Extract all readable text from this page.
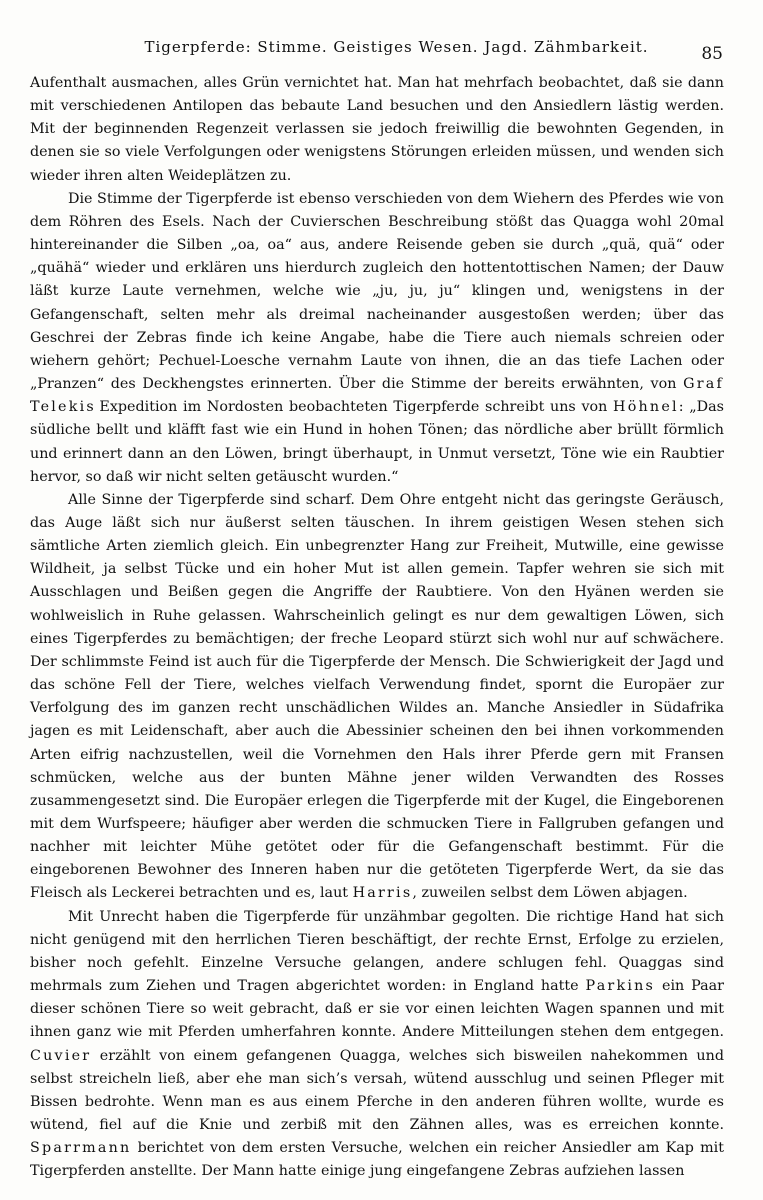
Tigerpferde: Stimme. Geistiges Wesen. Jagd. Zähmbarkeit.	85

Aufenthalt ausmachen, alles Grün vernichtet hat. Man hat mehrfach beobachtet, daß sie dann mit verschiedenen Antilopen das bebaute Land besuchen und den Ansiedlern lästig werden. Mit der beginnenden Regenzeit verlassen sie jedoch freiwillig die bewohnten Gegenden, in denen sie so viele Verfolgungen oder wenigstens Störungen erleiden müssen, und wenden sich wieder ihren alten Weideplätzen zu.

Die Stimme der Tigerpferde ist ebenso verschieden von dem Wiehern des Pferdes wie von dem Röhren des Esels. Nach der Cuvierschen Beschreibung stößt das Quagga wohl 20mal hintereinander die Silben „oa, oa“ aus, andere Reisende geben sie durch „quä, quä“ oder „quähä“ wieder und erklären uns hierdurch zugleich den hottentottischen Namen; der Dauw läßt kurze Laute vernehmen, welche wie „ju, ju, ju“ klingen und, wenigstens in der Gefangenschaft, selten mehr als dreimal nacheinander ausgestoßen werden; über das Geschrei der Zebras finde ich keine Angabe, habe die Tiere auch niemals schreien oder wiehern gehört; Pechuel-Loesche vernahm Laute von ihnen, die an das tiefe Lachen oder „Pranzen“ des Deckhengstes erinnerten. Über die Stimme der bereits erwähnten, von Graf Telekis Expedition im Nordosten beobachteten Tigerpferde schreibt uns von Höhnel: „Das südliche bellt und kläfft fast wie ein Hund in hohen Tönen; das nördliche aber brüllt förmlich und erinnert dann an den Löwen, bringt überhaupt, in Unmut versetzt, Töne wie ein Raubtier hervor, so daß wir nicht selten getäuscht wurden.“

Alle Sinne der Tigerpferde sind scharf. Dem Ohre entgeht nicht das geringste Geräusch, das Auge läßt sich nur äußerst selten täuschen. In ihrem geistigen Wesen stehen sich sämtliche Arten ziemlich gleich. Ein unbegrenzter Hang zur Freiheit, Mutwille, eine gewisse Wildheit, ja selbst Tücke und ein hoher Mut ist allen gemein. Tapfer wehren sie sich mit Ausschlagen und Beißen gegen die Angriffe der Raubtiere. Von den Hyänen werden sie wohlweislich in Ruhe gelassen. Wahrscheinlich gelingt es nur dem gewaltigen Löwen, sich eines Tigerpferdes zu bemächtigen; der freche Leopard stürzt sich wohl nur auf schwächere. Der schlimmste Feind ist auch für die Tigerpferde der Mensch. Die Schwierigkeit der Jagd und das schöne Fell der Tiere, welches vielfach Verwendung findet, spornt die Europäer zur Verfolgung des im ganzen recht unschädlichen Wildes an. Manche Ansiedler in Südafrika jagen es mit Leidenschaft, aber auch die Abessinier scheinen den bei ihnen vorkommenden Arten eifrig nachzustellen, weil die Vornehmen den Hals ihrer Pferde gern mit Fransen schmücken, welche aus der bunten Mähne jener wilden Verwandten des Rosses zusammengesetzt sind. Die Europäer erlegen die Tigerpferde mit der Kugel, die Eingeborenen mit dem Wurfspeere; häufiger aber werden die schmucken Tiere in Fallgruben gefangen und nachher mit leichter Mühe getötet oder für die Gefangenschaft bestimmt. Für die eingeborenen Bewohner des Inneren haben nur die getöteten Tigerpferde Wert, da sie das Fleisch als Leckerei betrachten und es, laut Harris, zuweilen selbst dem Löwen abjagen.

Mit Unrecht haben die Tigerpferde für unzähmbar gegolten. Die richtige Hand hat sich nicht genügend mit den herrlichen Tieren beschäftigt, der rechte Ernst, Erfolge zu erzielen, bisher noch gefehlt. Einzelne Versuche gelangen, andere schlugen fehl. Quaggas sind mehrmals zum Ziehen und Tragen abgerichtet worden: in England hatte Parkins ein Paar dieser schönen Tiere so weit gebracht, daß er sie vor einen leichten Wagen spannen und mit ihnen ganz wie mit Pferden umherfahren konnte. Andere Mitteilungen stehen dem entgegen. Cuvier erzählt von einem gefangenen Quagga, welches sich bisweilen nahekommen und selbst streicheln ließ, aber ehe man sich’s versah, wütend ausschlug und seinen Pfleger mit Bissen bedrohte. Wenn man es aus einem Pferche in den anderen führen wollte, wurde es wütend, fiel auf die Knie und zerbiß mit den Zähnen alles, was es erreichen konnte. Sparrmann berichtet von dem ersten Versuche, welchen ein reicher Ansiedler am Kap mit Tigerpferden anstellte. Der Mann hatte einige jung eingefangene Zebras aufziehen lassen
